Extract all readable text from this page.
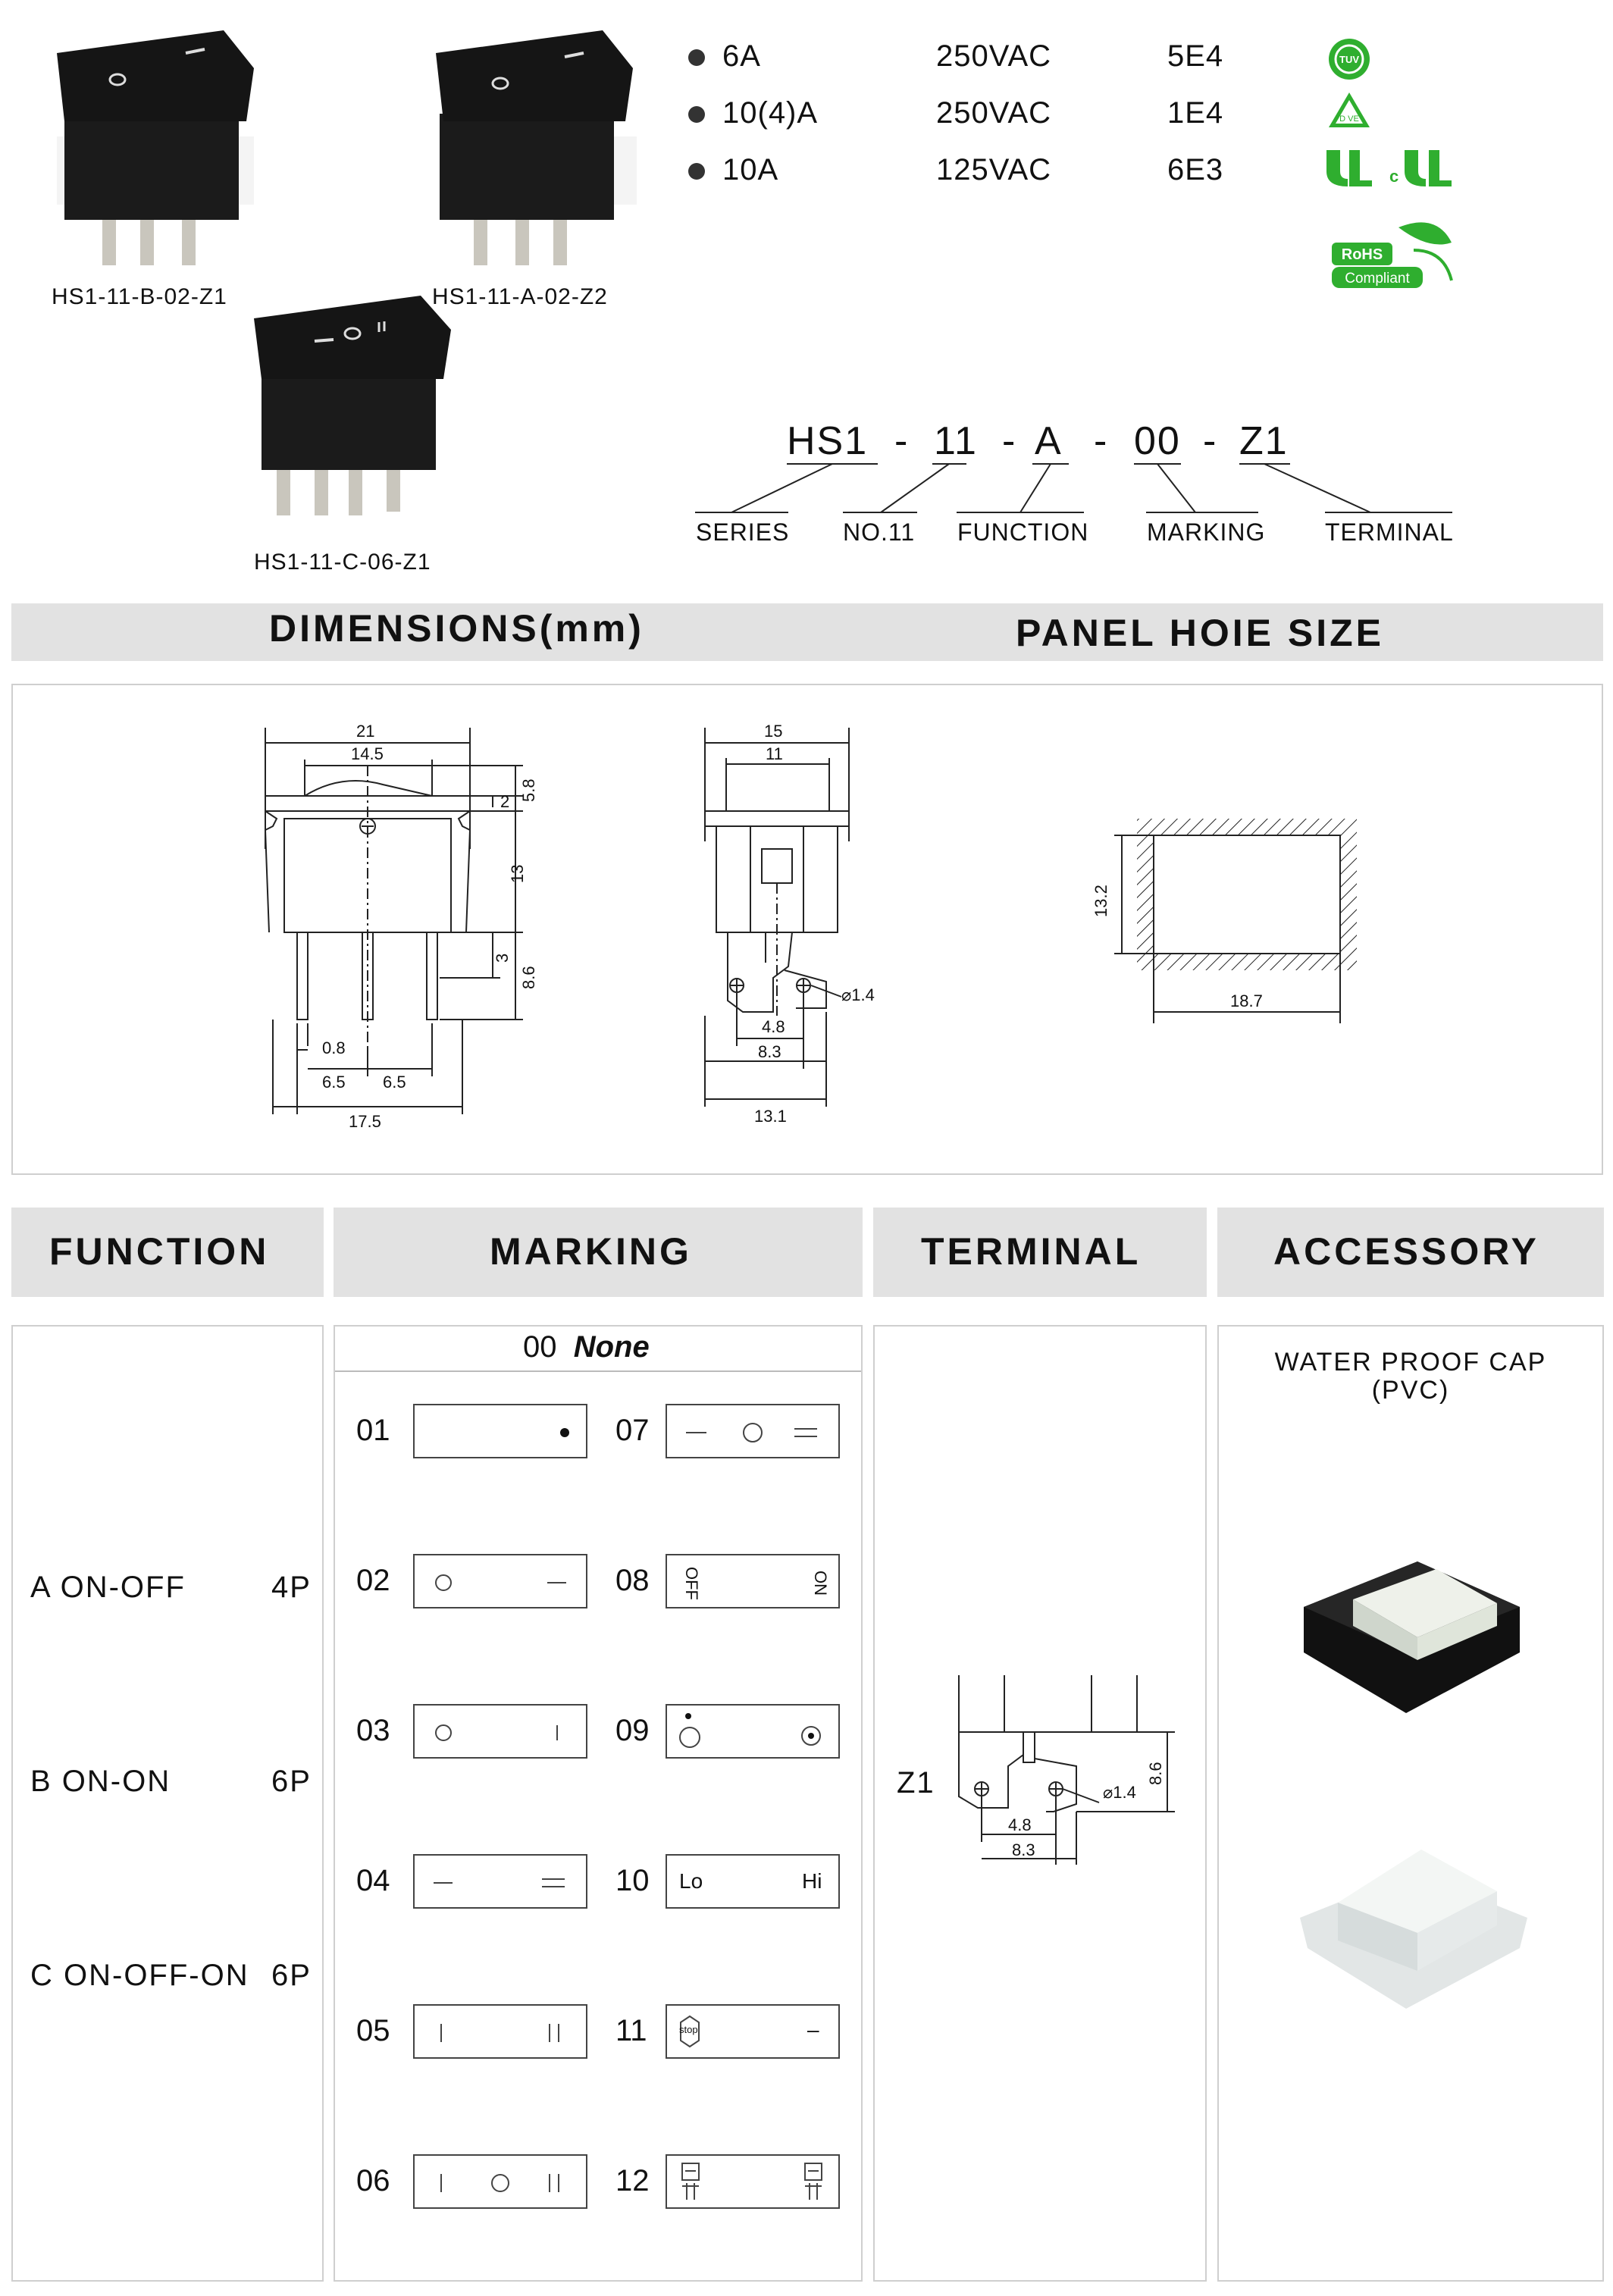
HS1-11-B-02-Z1	HS1-11-A-02-Z2
HS1-11-C-06-Z1
6A	250VAC	5E4
10(4)A	250VAC	1E4
10A	125VAC	6E3
TUV
D VE
c
RoHS
Compliant
HS1 - 11 - A - 00 - Z1
SERIES NO.11 FUNCTION MARKING TERMINAL
DIMENSIONS(mm)	PANEL HOIE SIZE
21
14.5
2 5.8
13
3
8.6
0.8
6.5 6.5
17.5
15
11
⌀1.4
4.8
8.3
13.1
13.2
18.7
FUNCTION	MARKING	TERMINAL	ACCESSORY
A ON-OFF	4P
B ON-ON	6P
C ON-OFF-ON 6P
00 None
01
02
03
04
05
06
07
08
09
10
11
12
OFF	ON
Lo	Hi
stop	–
Z1	⌀1.4
8.6
4.8
8.3
WATER PROOF CAP
(PVC)
